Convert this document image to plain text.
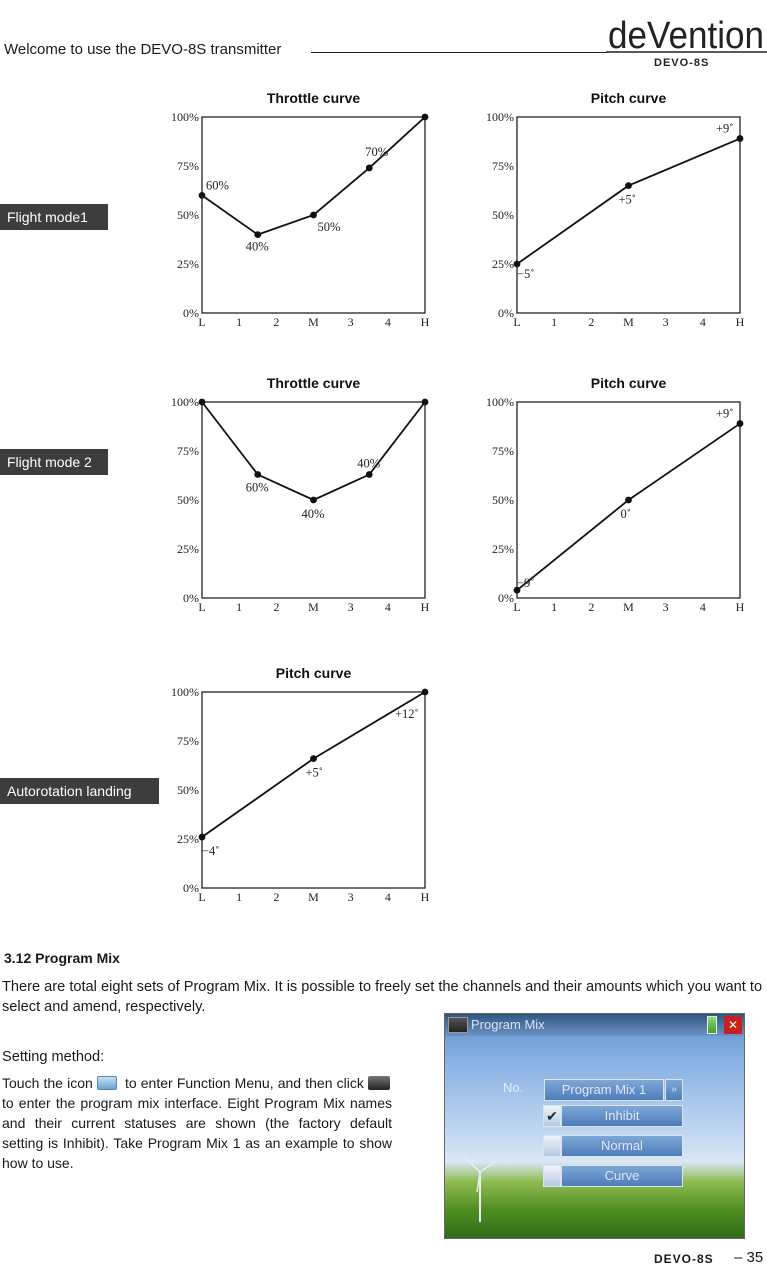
Welcome to use the DEVO-8S transmitter	deVention
DEVO-8S
Flight mode1
Flight mode 2
Autorotation landing
Throttle curve
100%
75%
50%
25%
0%
L	1	2 M 3	4 H
60%
40%
50%
70%
Pitch curve
100%
75%
50%
25%
0%
L	1	2 M 3	4 H
−5˚
+5˚
+9˚
Throttle curve
100%
75%
50%
25%
0%
L	1	2 M 3	4 H
60%
40%
40%
Pitch curve
100%
75%
50%
25%
0%
L	1	2 M 3	4 H
−9˚
0˚
+9˚
Pitch curve
100%
75%
50%
25%
0%
L	1	2 M 3	4 H
−4˚
+5˚
+12˚
3.12 Program Mix
There are total eight sets of Program Mix. It is possible to freely set the channels and their amounts which you want to select and amend, respectively.
Setting method:
Touch the icon to enter Function Menu, and then click to enter the program mix interface. Eight Program Mix names and their current statuses are shown (the factory default setting is Inhibit). Take Program Mix 1 as an example to show how to use.
Program Mix	✕
No.	Program Mix 1	»
✔	Inhibit
Normal
Curve
DEVO-8S – 35
